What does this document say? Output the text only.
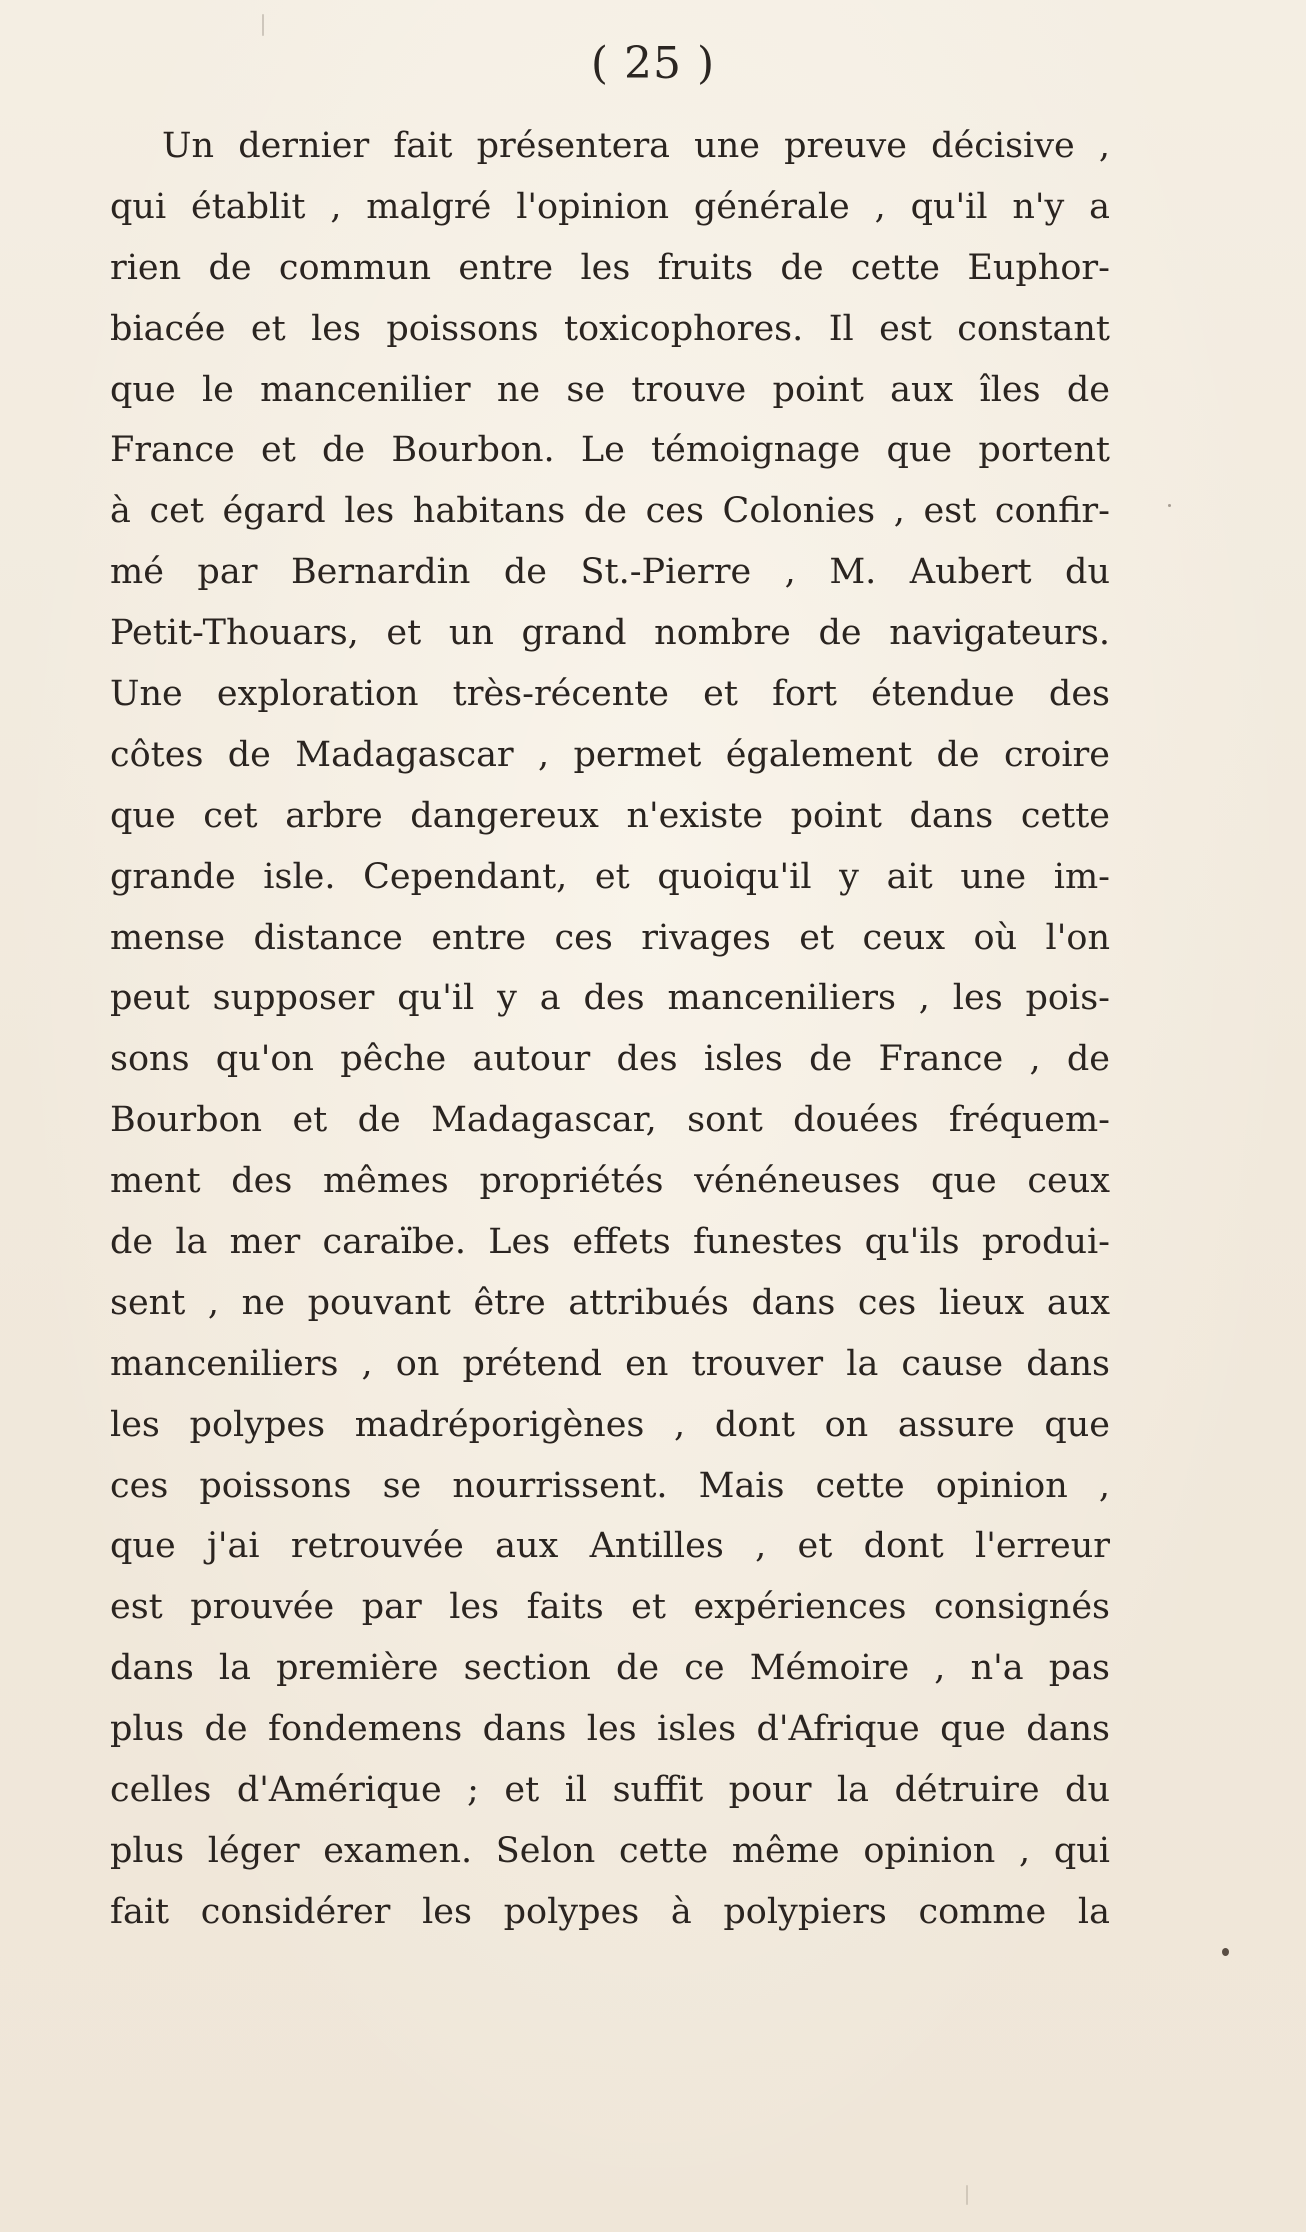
( 25 )
Un dernier fait présentera une preuve décisive ,
qui établit , malgré l'opinion générale , qu'il n'y a
rien de commun entre les fruits de cette Euphor-
biacée et les poissons toxicophores. Il est constant
que le mancenilier ne se trouve point aux îles de
France et de Bourbon. Le témoignage que portent
à cet égard les habitans de ces Colonies , est confir-
mé par Bernardin de St.-Pierre , M. Aubert du
Petit-Thouars, et un grand nombre de navigateurs.
Une exploration très-récente et fort étendue des
côtes de Madagascar , permet également de croire
que cet arbre dangereux n'existe point dans cette
grande isle. Cependant, et quoiqu'il y ait une im-
mense distance entre ces rivages et ceux où l'on
peut supposer qu'il y a des manceniliers , les pois-
sons qu'on pêche autour des isles de France , de
Bourbon et de Madagascar, sont douées fréquem-
ment des mêmes propriétés vénéneuses que ceux
de la mer caraïbe. Les effets funestes qu'ils produi-
sent , ne pouvant être attribués dans ces lieux aux
manceniliers , on prétend en trouver la cause dans
les polypes madréporigènes , dont on assure que
ces poissons se nourrissent. Mais cette opinion ,
que j'ai retrouvée aux Antilles , et dont l'erreur
est prouvée par les faits et expériences consignés
dans la première section de ce Mémoire , n'a pas
plus de fondemens dans les isles d'Afrique que dans
celles d'Amérique ; et il suffit pour la détruire du
plus léger examen. Selon cette même opinion , qui
fait considérer les polypes à polypiers comme la
